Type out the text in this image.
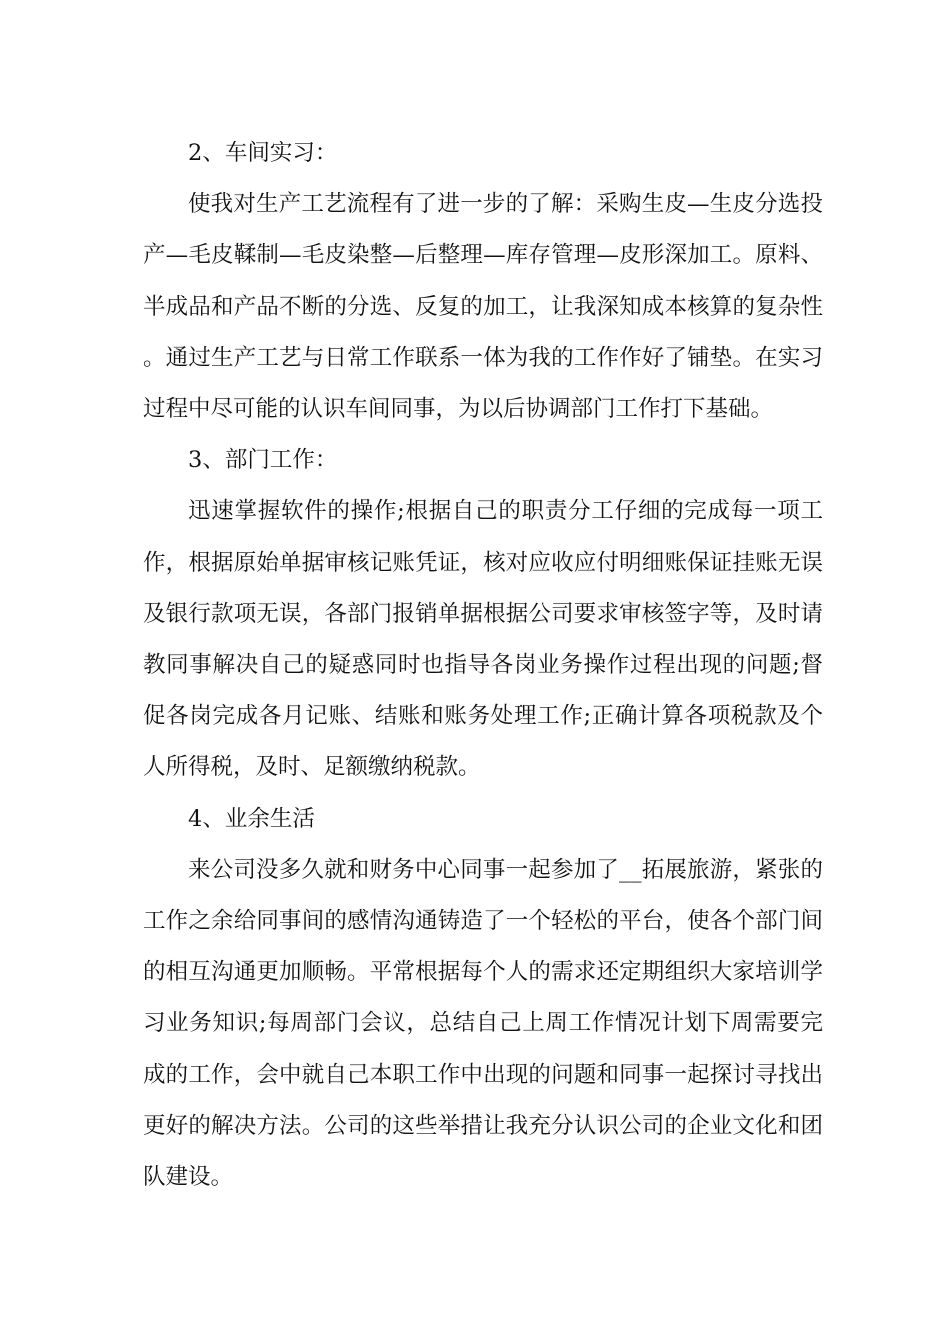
2、车间实习：

使我对生产工艺流程有了进一步的了解：采购生皮—生皮分选投产—毛皮鞣制—毛皮染整—后整理—库存管理—皮形深加工。原料、半成品和产品不断的分选、反复的加工，让我深知成本核算的复杂性。通过生产工艺与日常工作联系一体为我的工作作好了铺垫。在实习过程中尽可能的认识车间同事，为以后协调部门工作打下基础。

3、部门工作：

迅速掌握软件的操作;根据自己的职责分工仔细的完成每一项工作，根据原始单据审核记账凭证，核对应收应付明细账保证挂账无误及银行款项无误，各部门报销单据根据公司要求审核签字等，及时请教同事解决自己的疑惑同时也指导各岗业务操作过程出现的问题;督促各岗完成各月记账、结账和账务处理工作;正确计算各项税款及个人所得税，及时、足额缴纳税款。

4、业余生活

来公司没多久就和财务中心同事一起参加了__拓展旅游，紧张的工作之余给同事间的感情沟通铸造了一个轻松的平台，使各个部门间的相互沟通更加顺畅。平常根据每个人的需求还定期组织大家培训学习业务知识;每周部门会议，总结自己上周工作情况计划下周需要完成的工作，会中就自己本职工作中出现的问题和同事一起探讨寻找出更好的解决方法。公司的这些举措让我充分认识公司的企业文化和团队建设。
